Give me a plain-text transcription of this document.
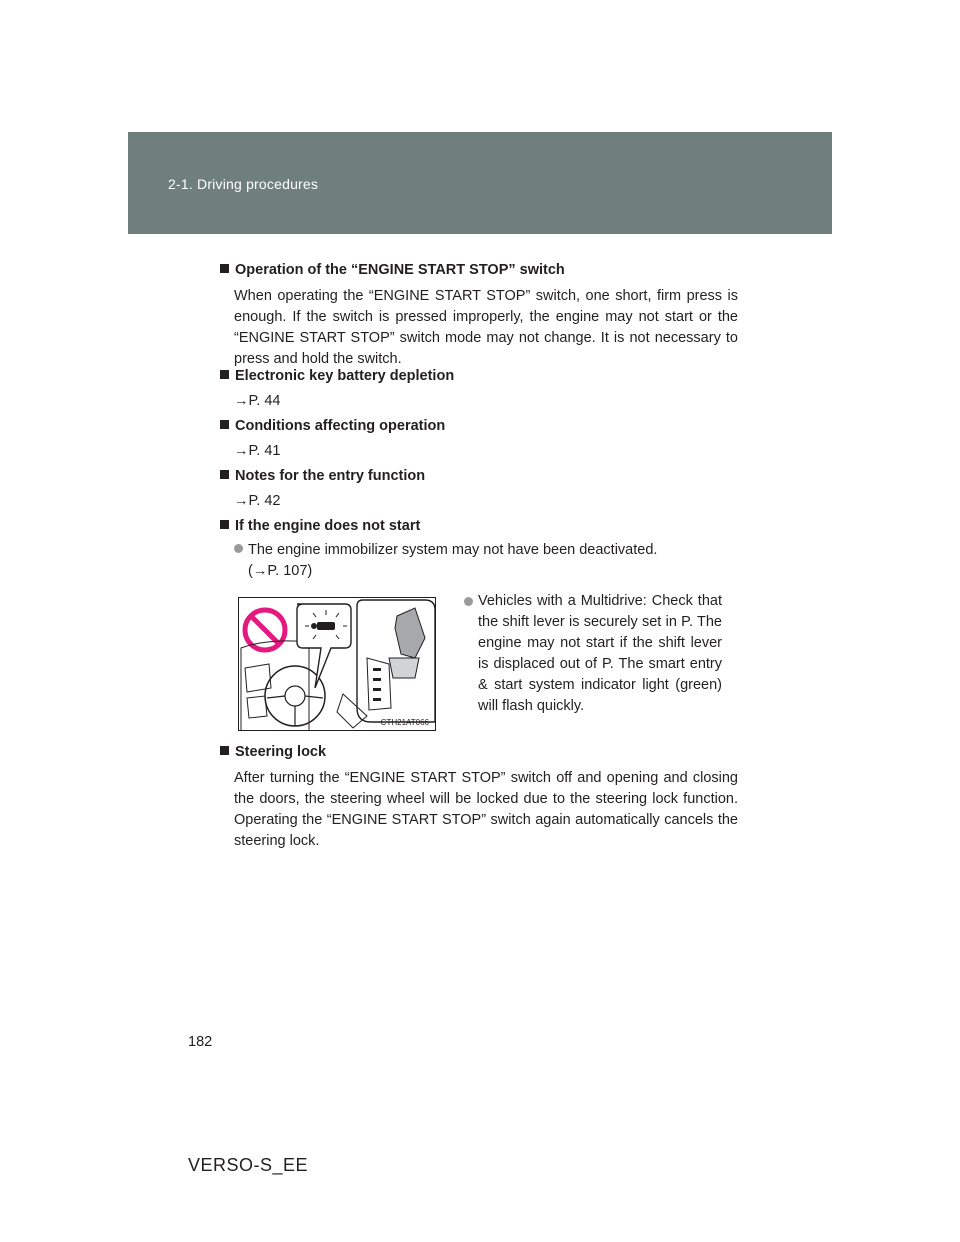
2-1. Driving procedures
Operation of the “ENGINE START STOP” switch
When operating the “ENGINE START STOP” switch, one short, firm press is enough. If the switch is pressed improperly, the engine may not start or the “ENGINE START STOP” switch mode may not change. It is not necessary to press and hold the switch.
Electronic key battery depletion
→P. 44
Conditions affecting operation
→P. 41
Notes for the entry function
→P. 42
If the engine does not start
The engine immobilizer system may not have been deactivated.
(→P. 107)
CTH21AT066
Vehicles with a Multidrive: Check that the shift lever is securely set in P. The engine may not start if the shift lever is displaced out of P. The smart entry & start system indicator light (green) will flash quickly.
Steering lock
After turning the “ENGINE START STOP” switch off and opening and closing the doors, the steering wheel will be locked due to the steering lock function. Operating the “ENGINE START STOP” switch again automatically cancels the steering lock.
182
VERSO-S_EE
